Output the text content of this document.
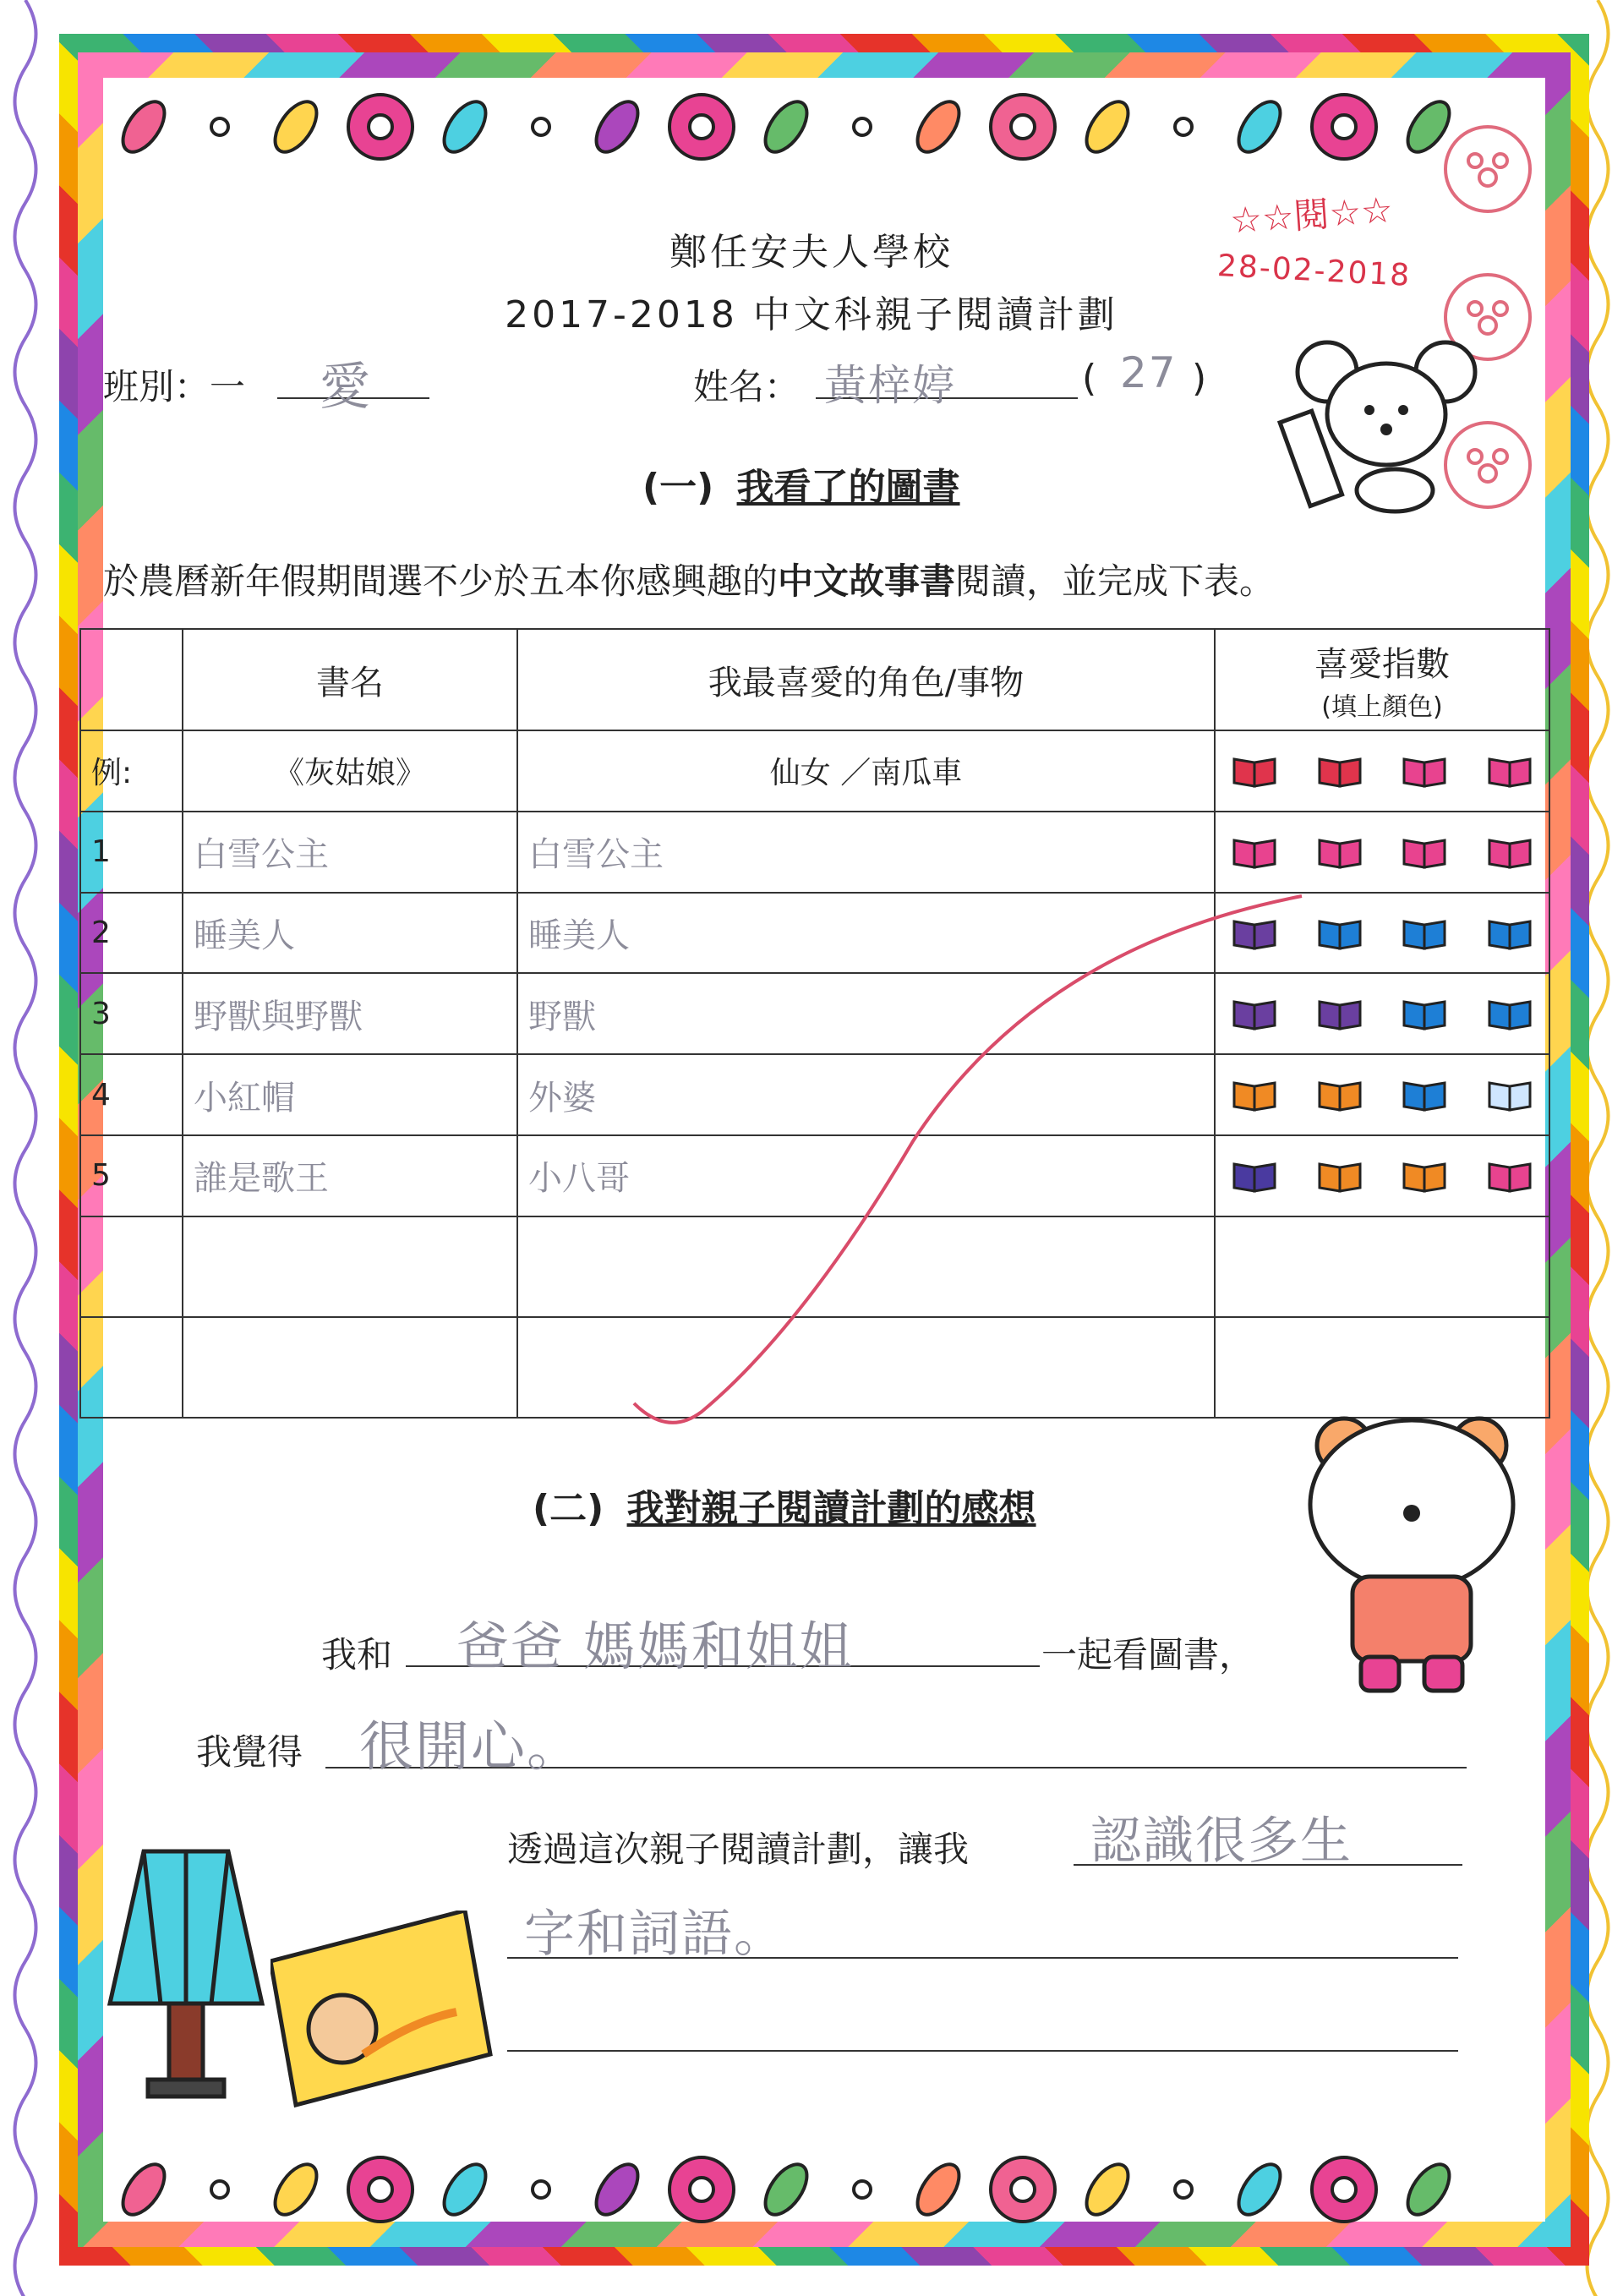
☆☆閱☆☆
28-02-2018
鄭任安夫人學校
2017-2018 中文科親子閱讀計劃
班別：一 愛	姓名： 黃梓婷	( 27 )
(一) 我看了的圖書
於農曆新年假期間選不少於五本你感興趣的中文故事書閱讀，並完成下表。
	書名	我最喜愛的角色/事物	喜愛指數
(填上顏色)

例:	《灰姑娘》	仙女 ／南瓜車	

1	白雪公主	白雪公主	

2	睡美人	睡美人	

3	野獸與野獸	野獸	

4	小紅帽	外婆	

5	誰是歌王	小八哥	

(二) 我對親子閱讀計劃的感想
我和 爸爸 媽媽和姐姐	一起看圖書，
我覺得 很開心。
透過這次親子閱讀計劃，讓我 認識很多生
字和詞語。
